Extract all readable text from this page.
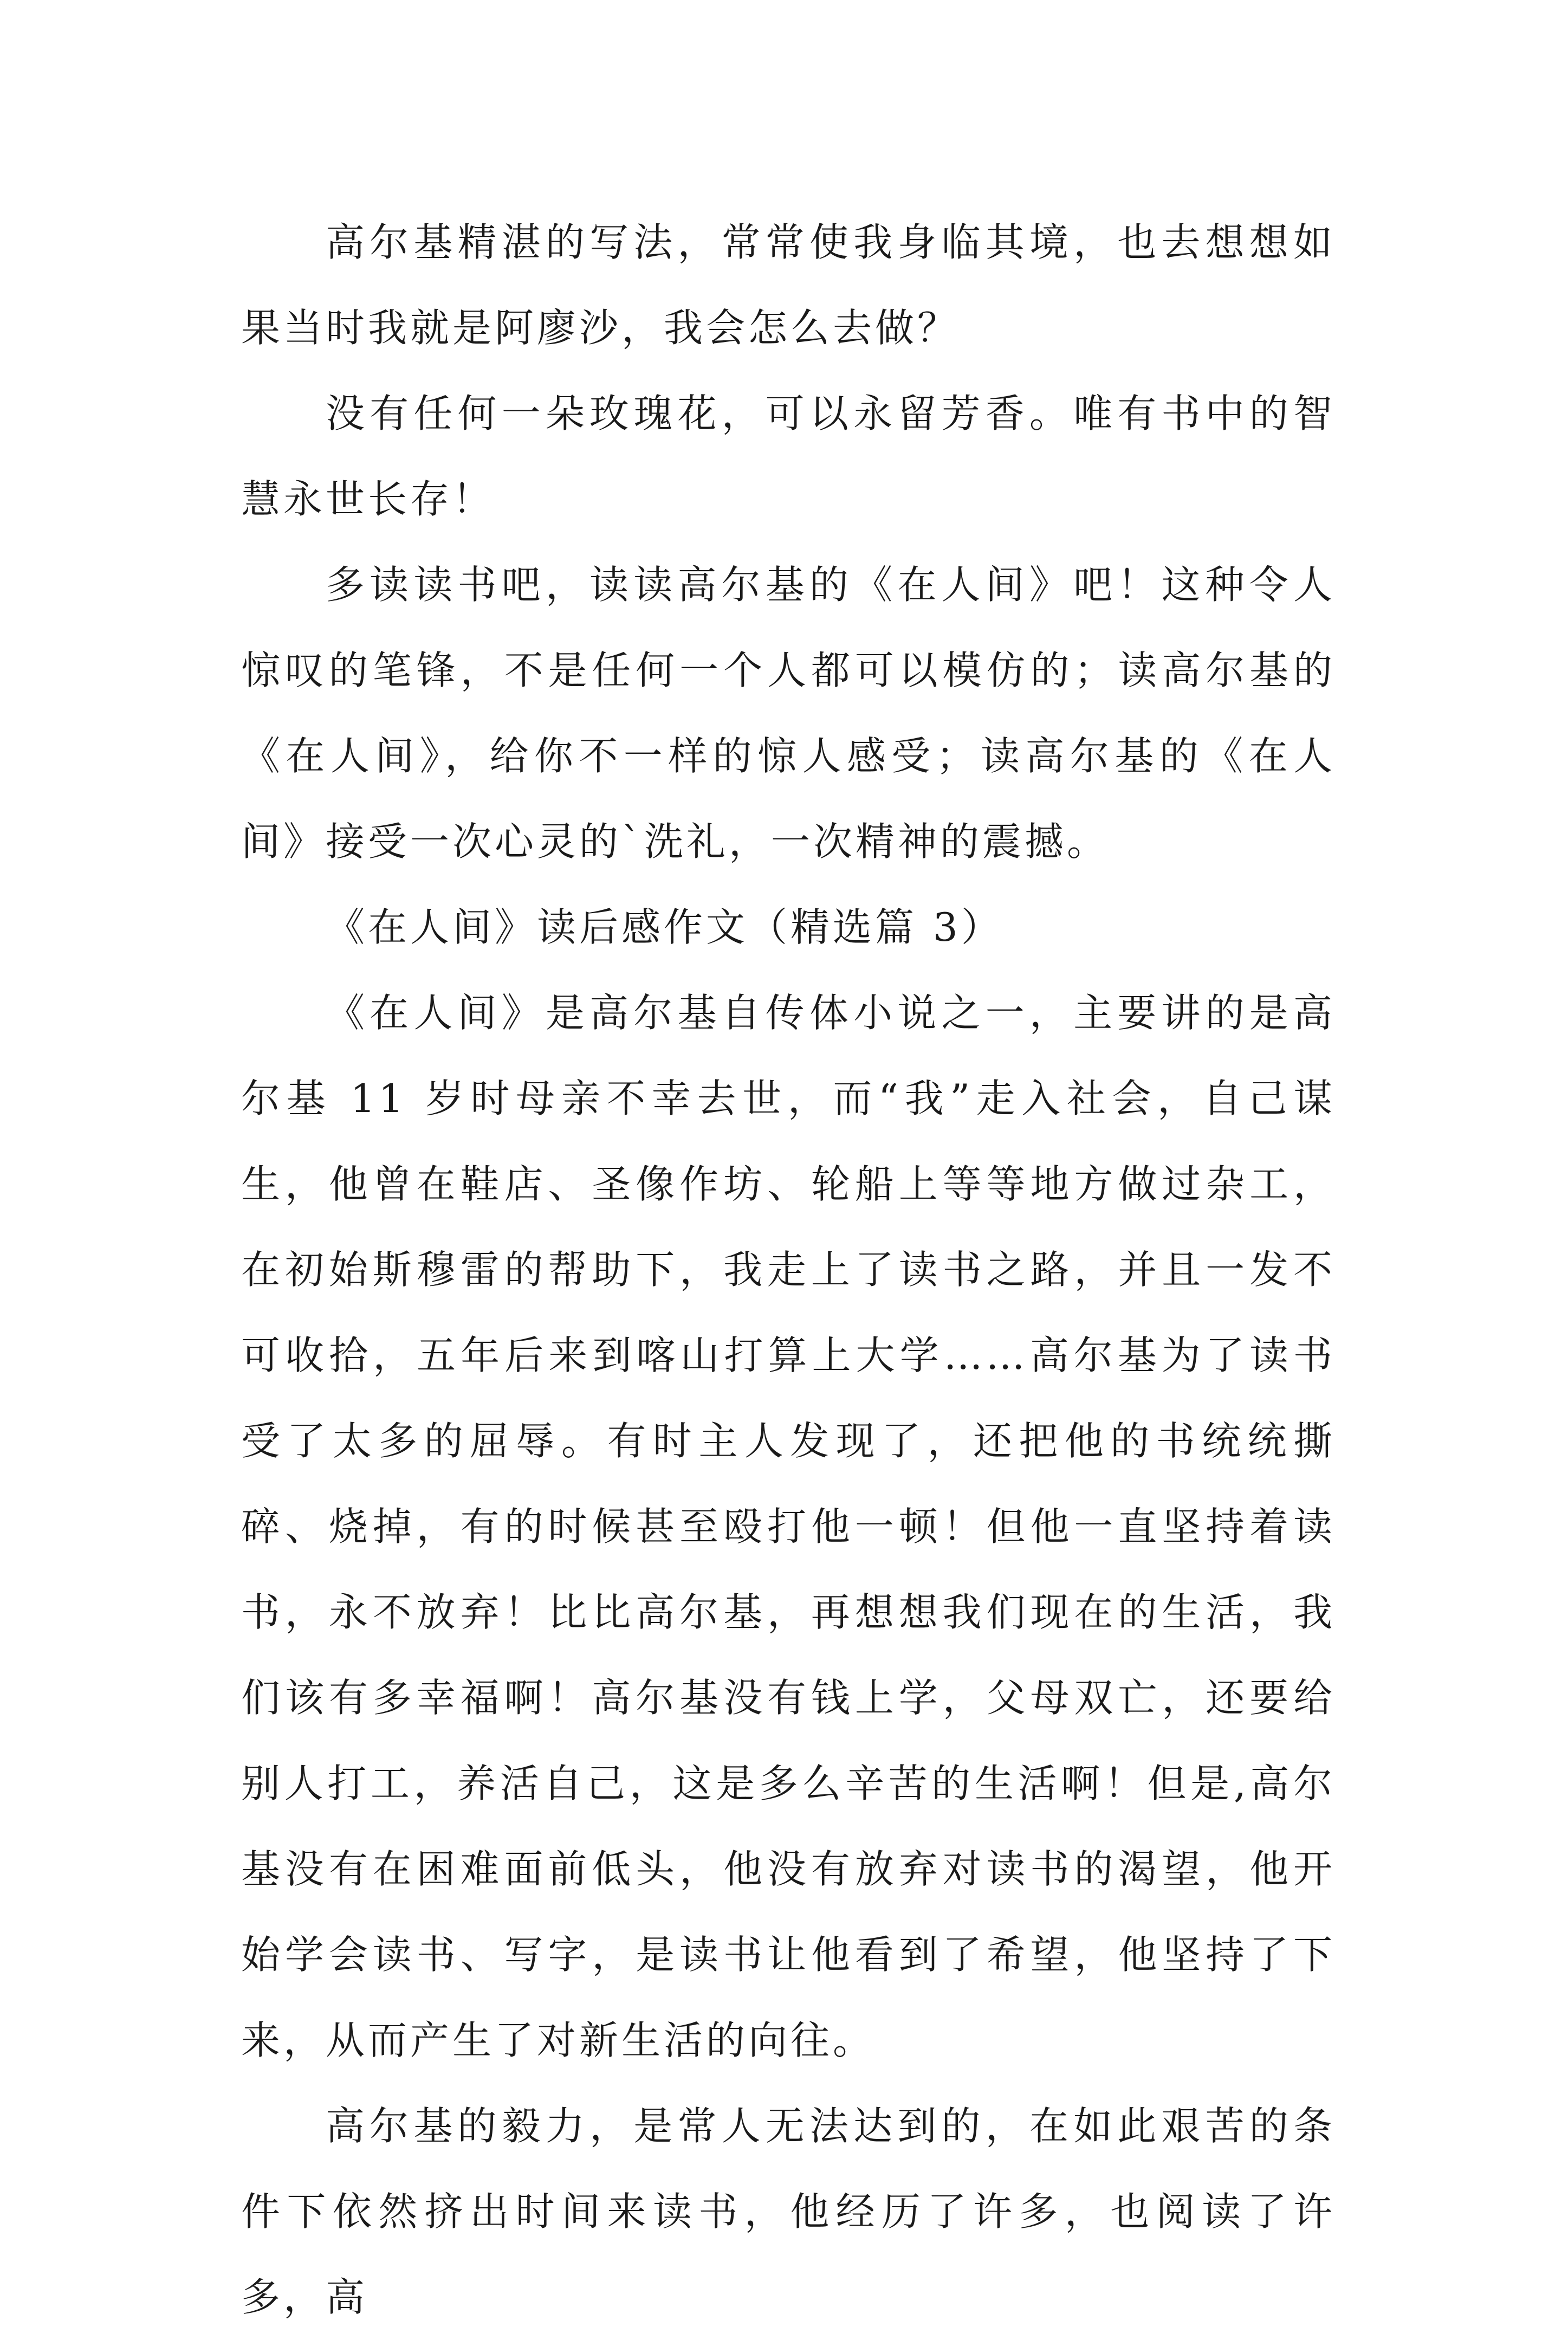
高尔基精湛的写法，常常使我身临其境，也去想想如果当时我就是阿廖沙，我会怎么去做？

没有任何一朵玫瑰花，可以永留芳香。唯有书中的智慧永世长存！

多读读书吧，读读高尔基的《在人间》吧！这种令人惊叹的笔锋，不是任何一个人都可以模仿的；读高尔基的《在人间》，给你不一样的惊人感受；读高尔基的《在人间》接受一次心灵的`洗礼，一次精神的震撼。

《在人间》读后感作文（精选篇 3）

《在人间》是高尔基自传体小说之一，主要讲的是高尔基 11 岁时母亲不幸去世，而“我”走入社会，自己谋生，他曾在鞋店、圣像作坊、轮船上等等地方做过杂工，在初始斯穆雷的帮助下，我走上了读书之路，并且一发不可收拾，五年后来到喀山打算上大学……高尔基为了读书受了太多的屈辱。有时主人发现了，还把他的书统统撕碎、烧掉，有的时候甚至殴打他一顿！但他一直坚持着读书，永不放弃！比比高尔基，再想想我们现在的生活，我们该有多幸福啊！高尔基没有钱上学，父母双亡，还要给别人打工，养活自己，这是多么辛苦的生活啊！但是,高尔基没有在困难面前低头，他没有放弃对读书的渴望，他开始学会读书、写字，是读书让他看到了希望，他坚持了下来，从而产生了对新生活的向往。

高尔基的毅力，是常人无法达到的，在如此艰苦的条件下依然挤出时间来读书，他经历了许多，也阅读了许多，高
